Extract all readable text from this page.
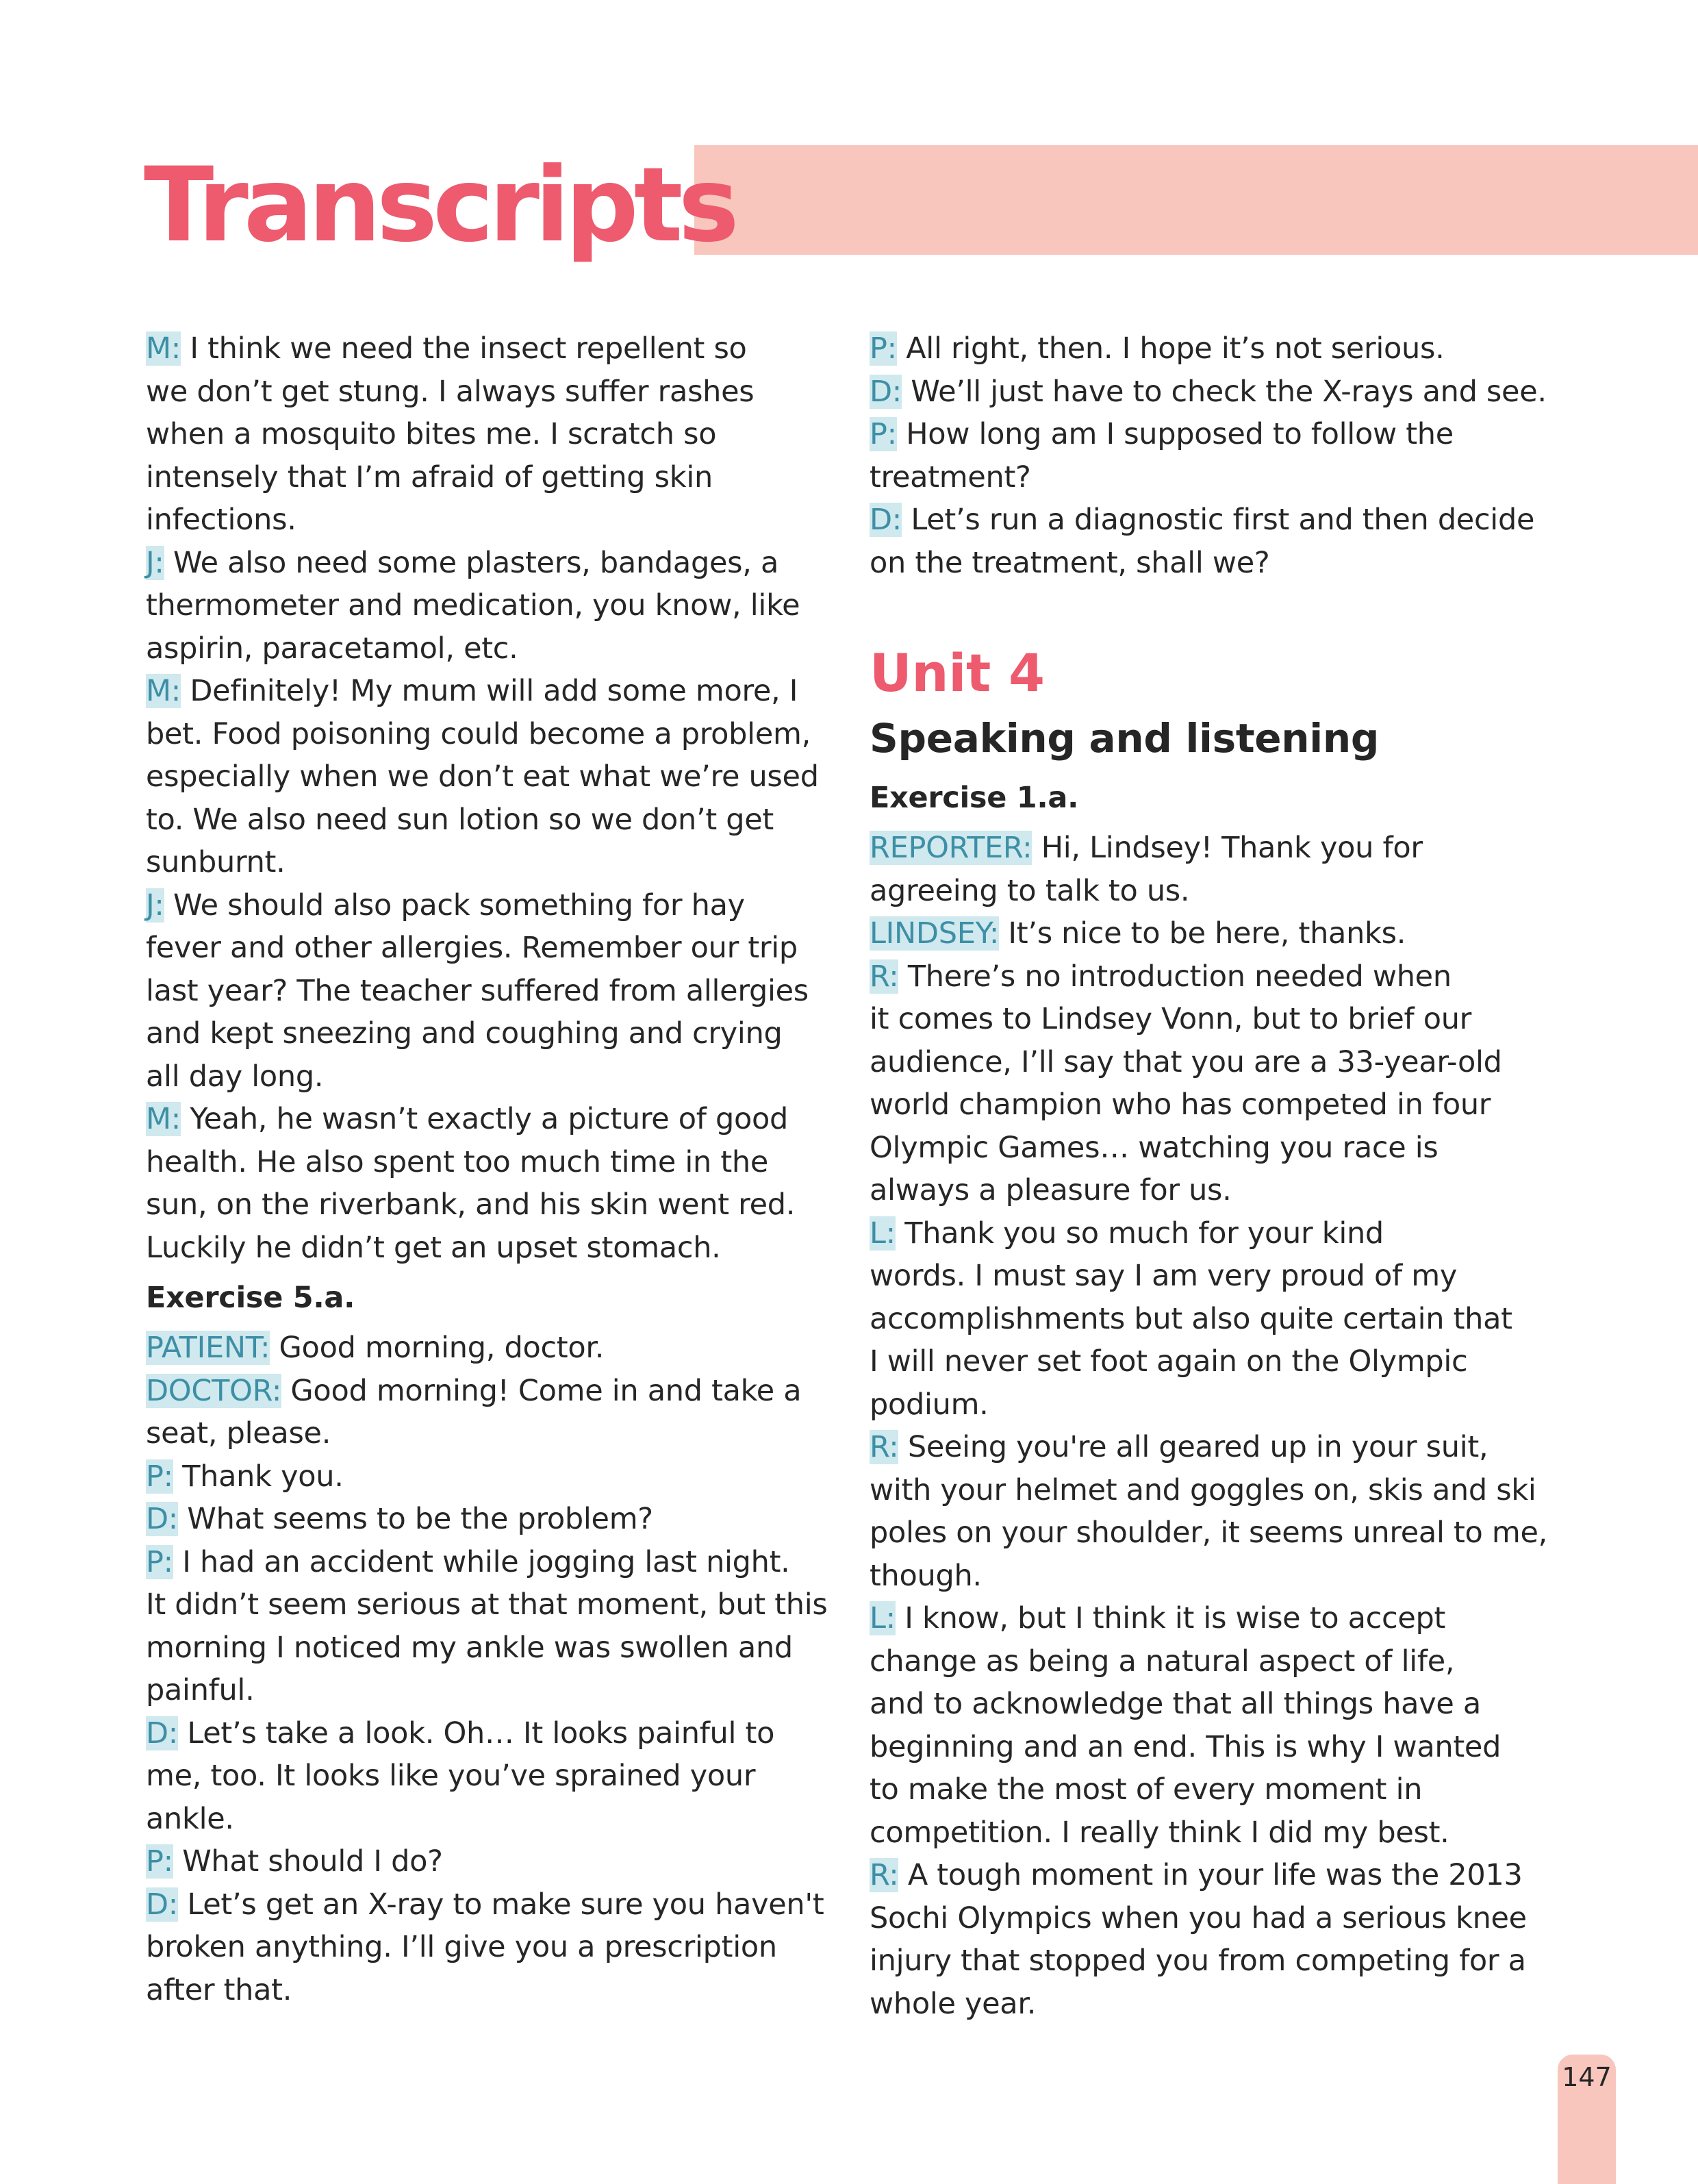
Transcripts
M: I think we need the insect repellent so
we don’t get stung. I always suffer rashes
when a mosquito bites me. I scratch so
intensely that I’m afraid of getting skin
infections.
J: We also need some plasters, bandages, a
thermometer and medication, you know, like
aspirin, paracetamol, etc.
M: Definitely! My mum will add some more, I
bet. Food poisoning could become a problem,
especially when we don’t eat what we’re used
to. We also need sun lotion so we don’t get
sunburnt.
J: We should also pack something for hay
fever and other allergies. Remember our trip
last year? The teacher suffered from allergies
and kept sneezing and coughing and crying
all day long.
M: Yeah, he wasn’t exactly a picture of good
health. He also spent too much time in the
sun, on the riverbank, and his skin went red.
Luckily he didn’t get an upset stomach.
Exercise 5.a.
PATIENT: Good morning, doctor.
DOCTOR: Good morning! Come in and take a
seat, please.
P: Thank you.
D: What seems to be the problem?
P: I had an accident while jogging last night.
It didn’t seem serious at that moment, but this
morning I noticed my ankle was swollen and
painful.
D: Let’s take a look. Oh… It looks painful to
me, too. It looks like you’ve sprained your
ankle.
P: What should I do?
D: Let’s get an X-ray to make sure you haven't
broken anything. I’ll give you a prescription
after that.
P: All right, then. I hope it’s not serious.
D: We’ll just have to check the X-rays and see.
P: How long am I supposed to follow the
treatment?
D: Let’s run a diagnostic first and then decide
on the treatment, shall we?
Unit 4
Speaking and listening
Exercise 1.a.
REPORTER: Hi, Lindsey! Thank you for
agreeing to talk to us.
LINDSEY: It’s nice to be here, thanks.
R: There’s no introduction needed when
it comes to Lindsey Vonn, but to brief our
audience, I’ll say that you are a 33-year-old
world champion who has competed in four
Olympic Games… watching you race is
always a pleasure for us.
L: Thank you so much for your kind
words. I must say I am very proud of my
accomplishments but also quite certain that
I will never set foot again on the Olympic
podium.
R: Seeing you're all geared up in your suit,
with your helmet and goggles on, skis and ski
poles on your shoulder, it seems unreal to me,
though.
L: I know, but I think it is wise to accept
change as being a natural aspect of life,
and to acknowledge that all things have a
beginning and an end. This is why I wanted
to make the most of every moment in
competition. I really think I did my best.
R: A tough moment in your life was the 2013
Sochi Olympics when you had a serious knee
injury that stopped you from competing for a
whole year.
147
